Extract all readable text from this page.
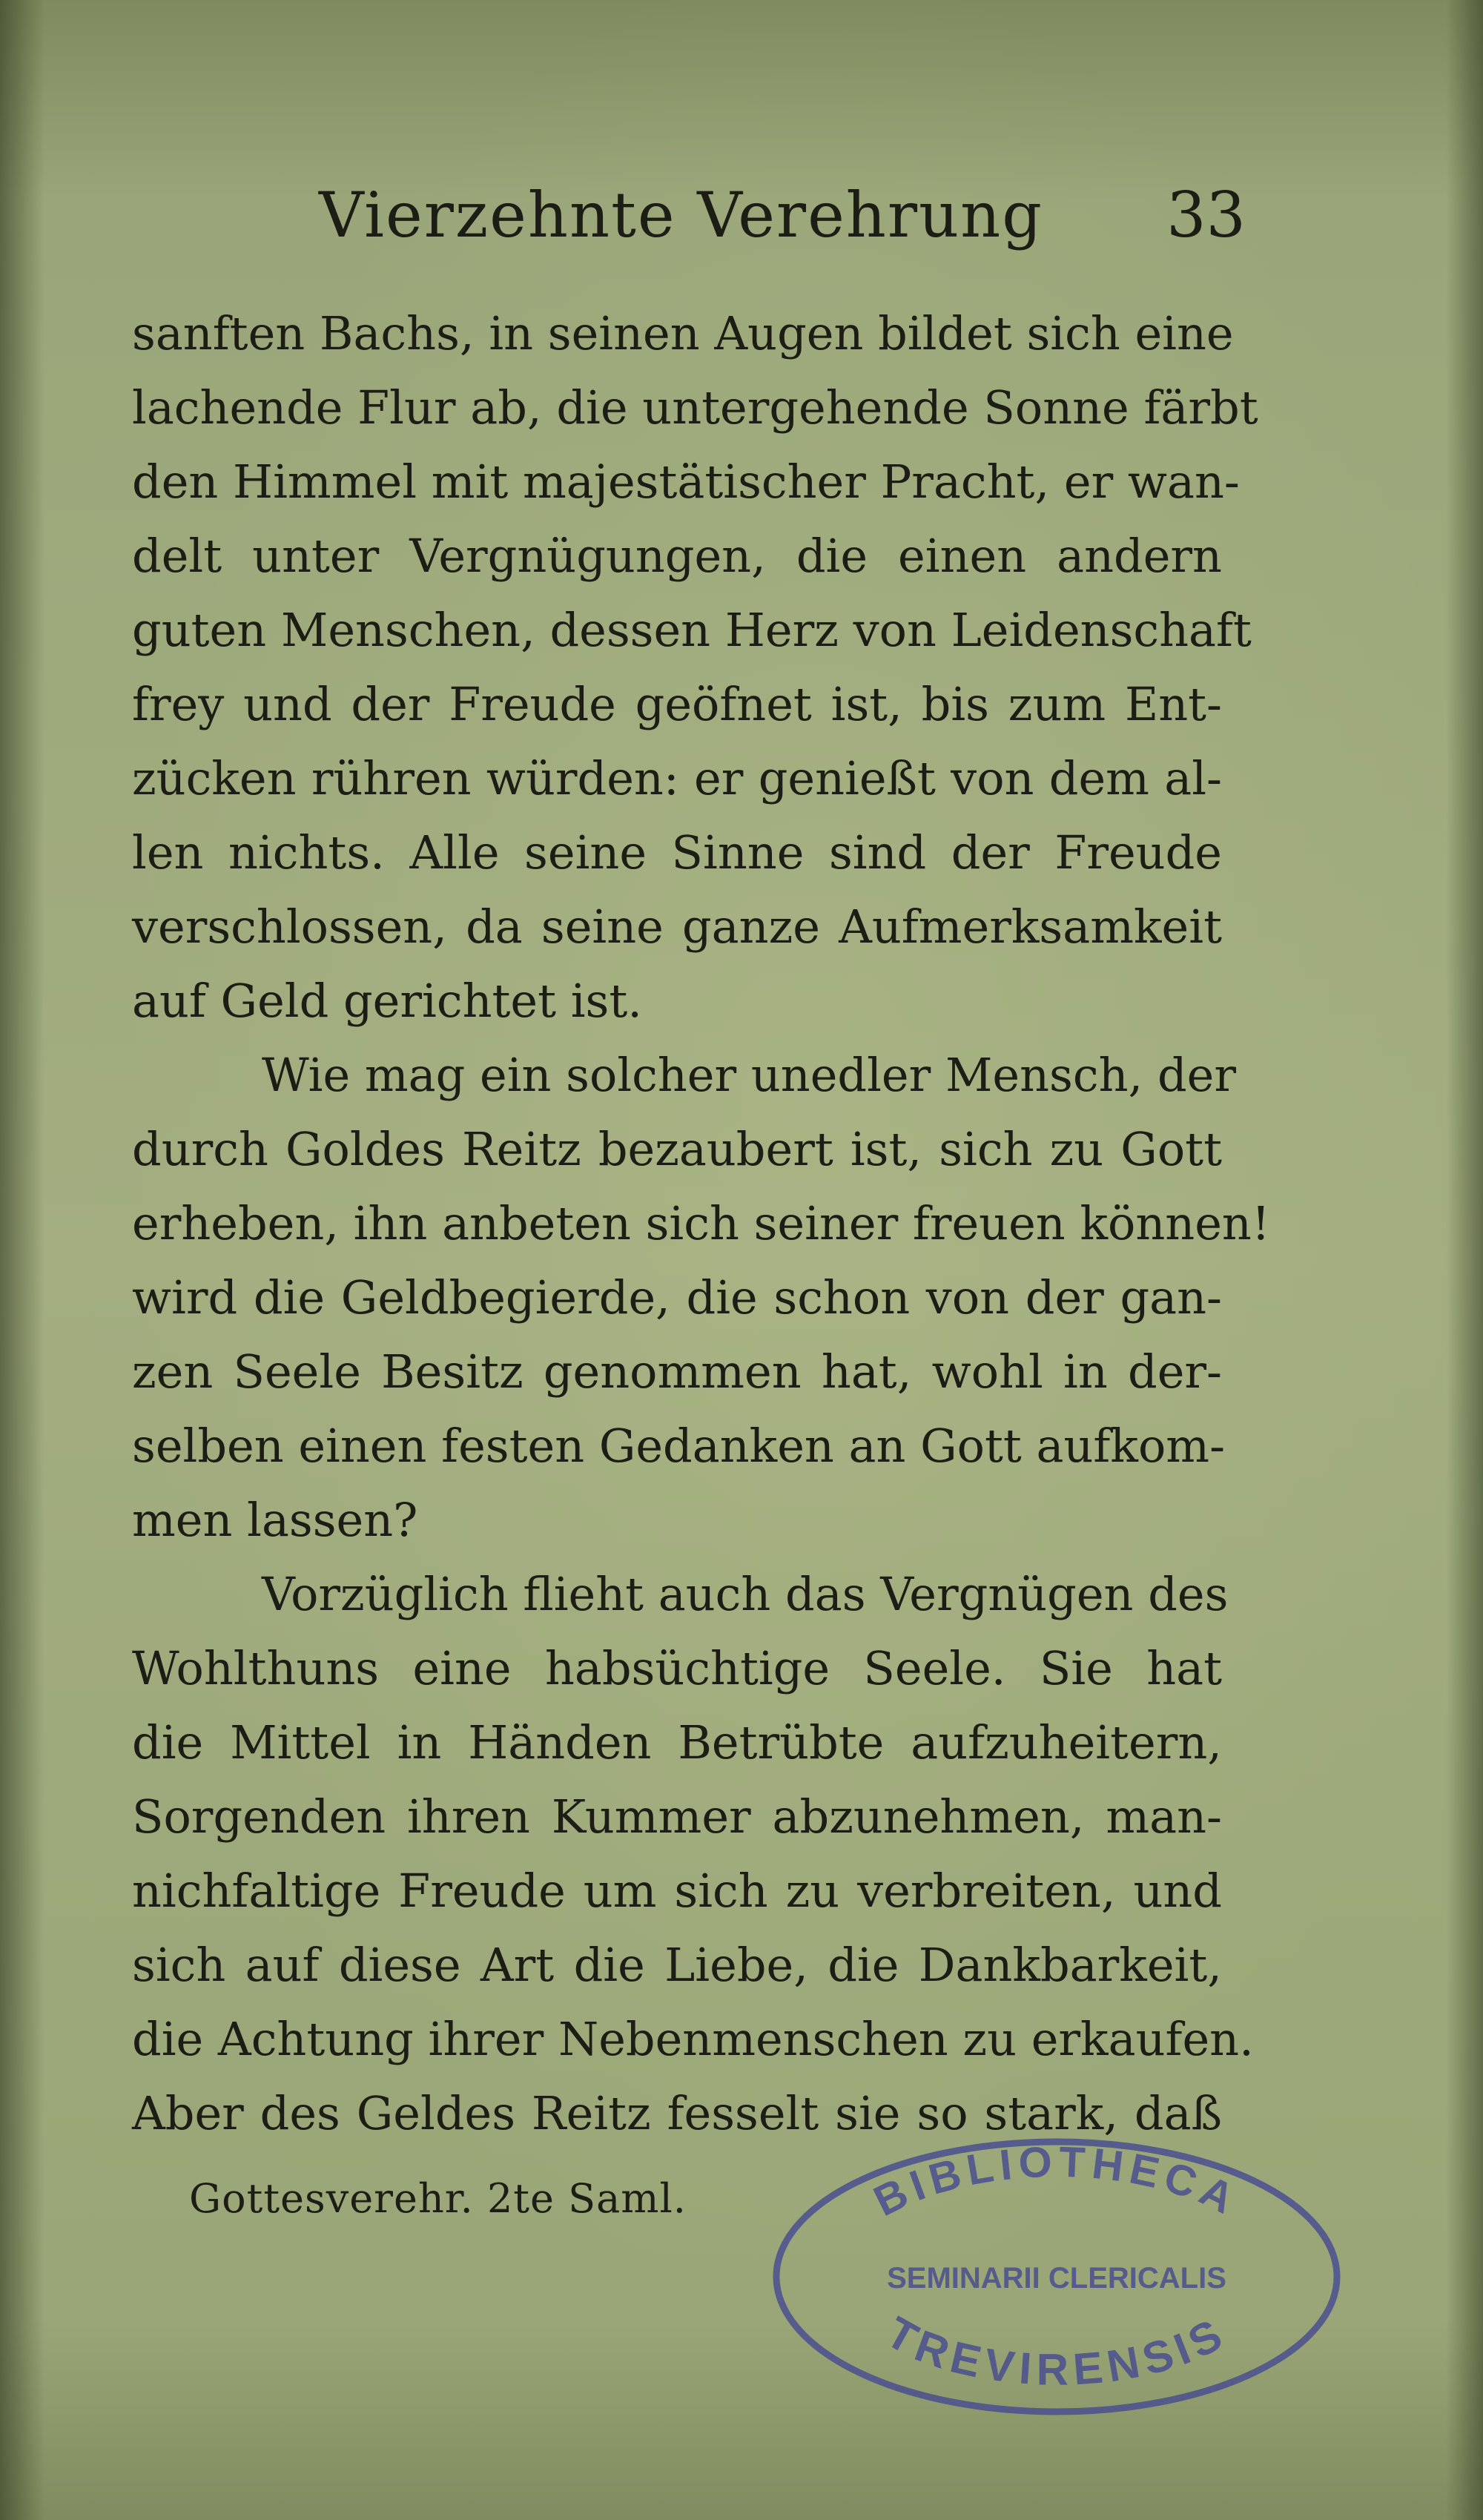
Vierzehnte Verehrung 33
sanften Bachs, in seinen Augen bildet sich eine
lachende Flur ab, die untergehende Sonne färbt
den Himmel mit majestätischer Pracht, er wan-
delt unter Vergnügungen, die einen andern
guten Menschen, dessen Herz von Leidenschaft
frey und der Freude geöfnet ist, bis zum Ent-
zücken rühren würden: er genießt von dem al-
len nichts. Alle seine Sinne sind der Freude
verschlossen, da seine ganze Aufmerksamkeit
auf Geld gerichtet ist.
Wie mag ein solcher unedler Mensch, der
durch Goldes Reitz bezaubert ist, sich zu Gott
erheben, ihn anbeten sich seiner freuen können!
wird die Geldbegierde, die schon von der gan-
zen Seele Besitz genommen hat, wohl in der-
selben einen festen Gedanken an Gott aufkom-
men lassen?
Vorzüglich flieht auch das Vergnügen des
Wohlthuns eine habsüchtige Seele. Sie hat
die Mittel in Händen Betrübte aufzuheitern,
Sorgenden ihren Kummer abzunehmen, man-
nichfaltige Freude um sich zu verbreiten, und
sich auf diese Art die Liebe, die Dankbarkeit,
die Achtung ihrer Nebenmenschen zu erkaufen.
Aber des Geldes Reitz fesselt sie so stark, daß
Gottesverehr. 2te Saml.	BIBLIOTHECA
SEMINARII CLERICALIS
TREVIRENSIS
